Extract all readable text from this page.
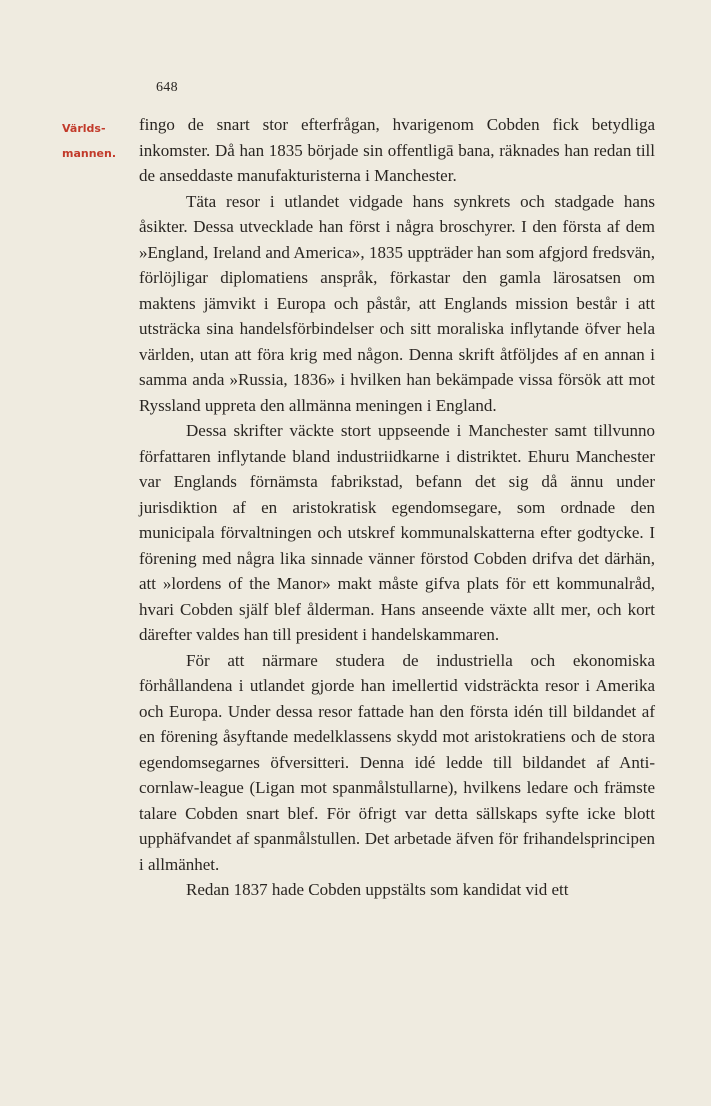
648
Världs-
mannen.

fingo de snart stor efterfrågan, hvarigenom Cobden fick betydliga inkomster. Då han 1835 började sin offentligā bana, räknades han redan till de anseddaste manufakturisterna i Manchester.

Täta resor i utlandet vidgade hans synkrets och stadgade hans åsikter. Dessa utvecklade han först i några broschyrer. I den första af dem »England, Ireland and America», 1835 uppträder han som afgjord fredsvän, förlöjligar diplomatiens anspråk, förkastar den gamla lärosatsen om maktens jämvikt i Europa och påstår, att Englands mission består i att utsträcka sina handelsförbindelser och sitt moraliska inflytande öfver hela världen, utan att föra krig med någon. Denna skrift åtföljdes af en annan i samma anda »Russia, 1836» i hvilken han bekämpade vissa försök att mot Ryssland uppreta den allmänna meningen i England.

Dessa skrifter väckte stort uppseende i Manchester samt tillvunno författaren inflytande bland industriidkarne i distriktet. Ehuru Manchester var Englands förnämsta fabrikstad, befann det sig då ännu under jurisdiktion af en aristokratisk egendomsegare, som ordnade den municipala förvaltningen och utskref kommunalskatterna efter godtycke. I förening med några lika sinnade vänner förstod Cobden drifva det därhän, att »lordens of the Manor» makt måste gifva plats för ett kommunalråd, hvari Cobden själf blef ålderman. Hans anseende växte allt mer, och kort därefter valdes han till president i handelskammaren.

För att närmare studera de industriella och ekonomiska förhållandena i utlandet gjorde han imellertid vidsträckta resor i Amerika och Europa. Under dessa resor fattade han den första idén till bildandet af en förening åsyftande medelklassens skydd mot aristokratiens och de stora egendomsegarnes öfversitteri. Denna idé ledde till bildandet af Anti-cornlaw-league (Ligan mot spanmålstullarne), hvilkens ledare och främste talare Cobden snart blef. För öfrigt var detta sällskaps syfte icke blott upphäfvandet af spanmålstullen. Det arbetade äfven för frihandelsprincipen i allmänhet.

Redan 1837 hade Cobden uppstälts som kandidat vid ett
